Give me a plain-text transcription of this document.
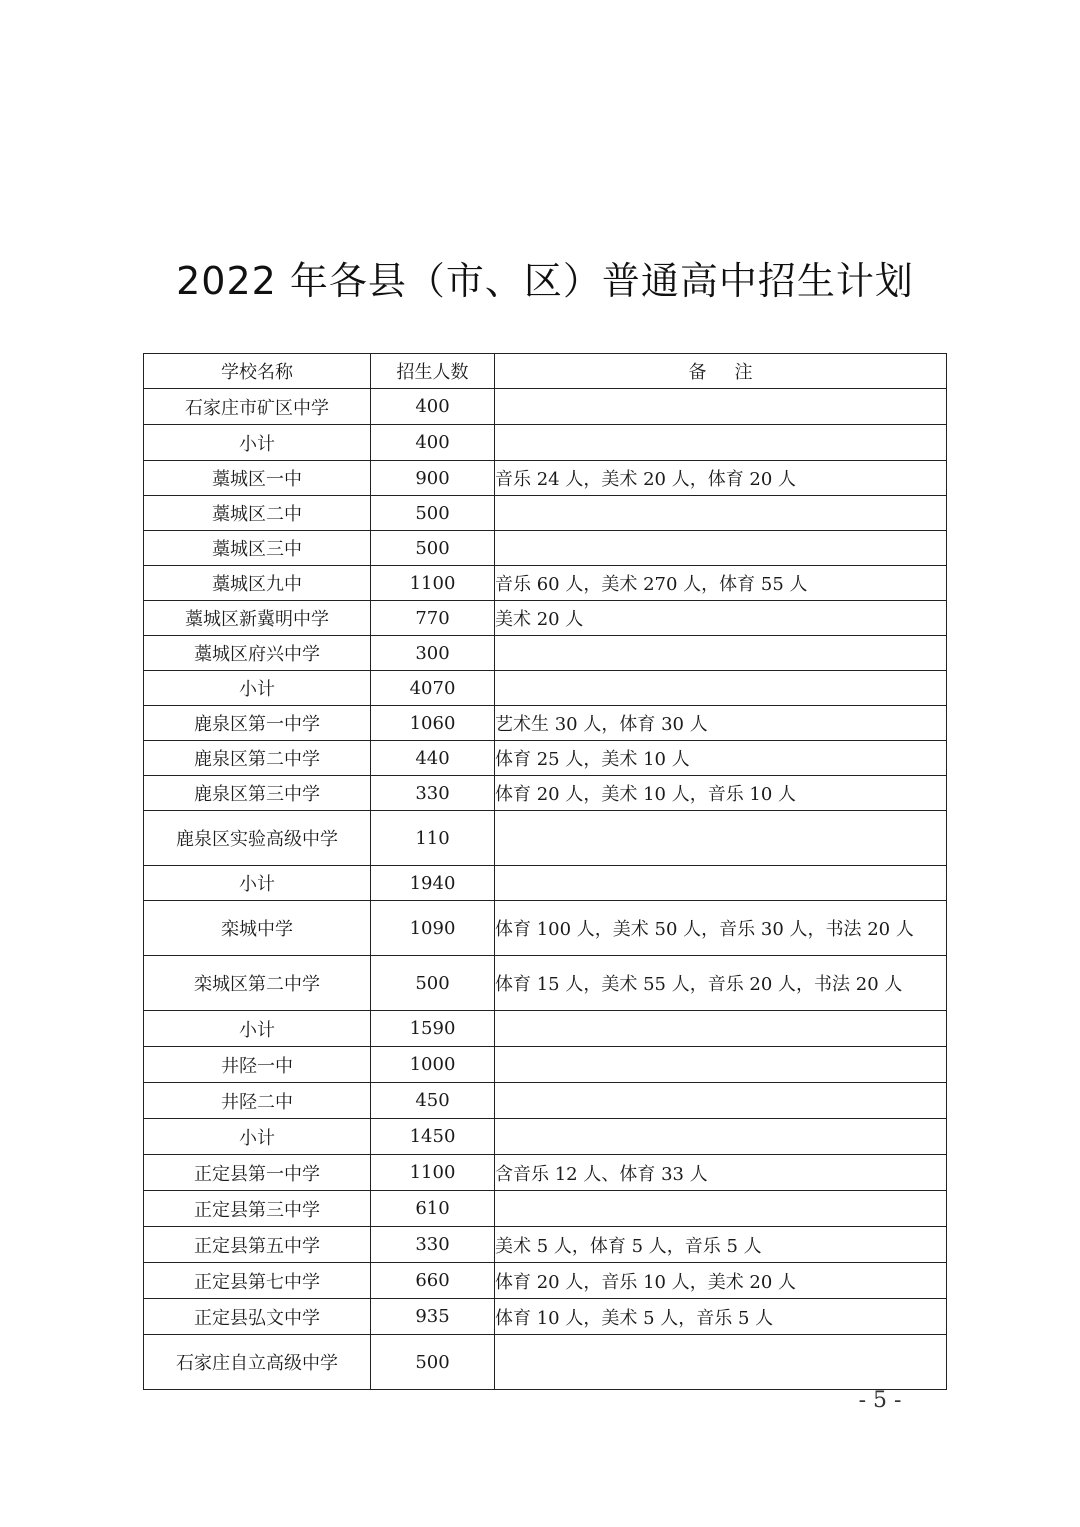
2022 年各县（市、区）普通高中招生计划
学校名称	招生人数	备注
石家庄市矿区中学	400	
小计	400	
藁城区一中	900	音乐 24 人，美术 20 人，体育 20 人
藁城区二中	500	
藁城区三中	500	
藁城区九中	1100	音乐 60 人，美术 270 人，体育 55 人
藁城区新冀明中学	770	美术 20 人
藁城区府兴中学	300	
小计	4070	
鹿泉区第一中学	1060	艺术生 30 人，体育 30 人
鹿泉区第二中学	440	体育 25 人，美术 10 人
鹿泉区第三中学	330	体育 20 人，美术 10 人，音乐 10 人
鹿泉区实验高级中学	110	
小计	1940	
栾城中学	1090	体育 100 人，美术 50 人，音乐 30 人，书法 20 人
栾城区第二中学	500	体育 15 人，美术 55 人，音乐 20 人，书法 20 人
小计	1590	
井陉一中	1000	
井陉二中	450	
小计	1450	
正定县第一中学	1100	含音乐 12 人、体育 33 人
正定县第三中学	610	
正定县第五中学	330	美术 5 人，体育 5 人，音乐 5 人
正定县第七中学	660	体育 20 人，音乐 10 人，美术 20 人
正定县弘文中学	935	体育 10 人，美术 5 人，音乐 5 人
石家庄自立高级中学	500	
- 5 -
